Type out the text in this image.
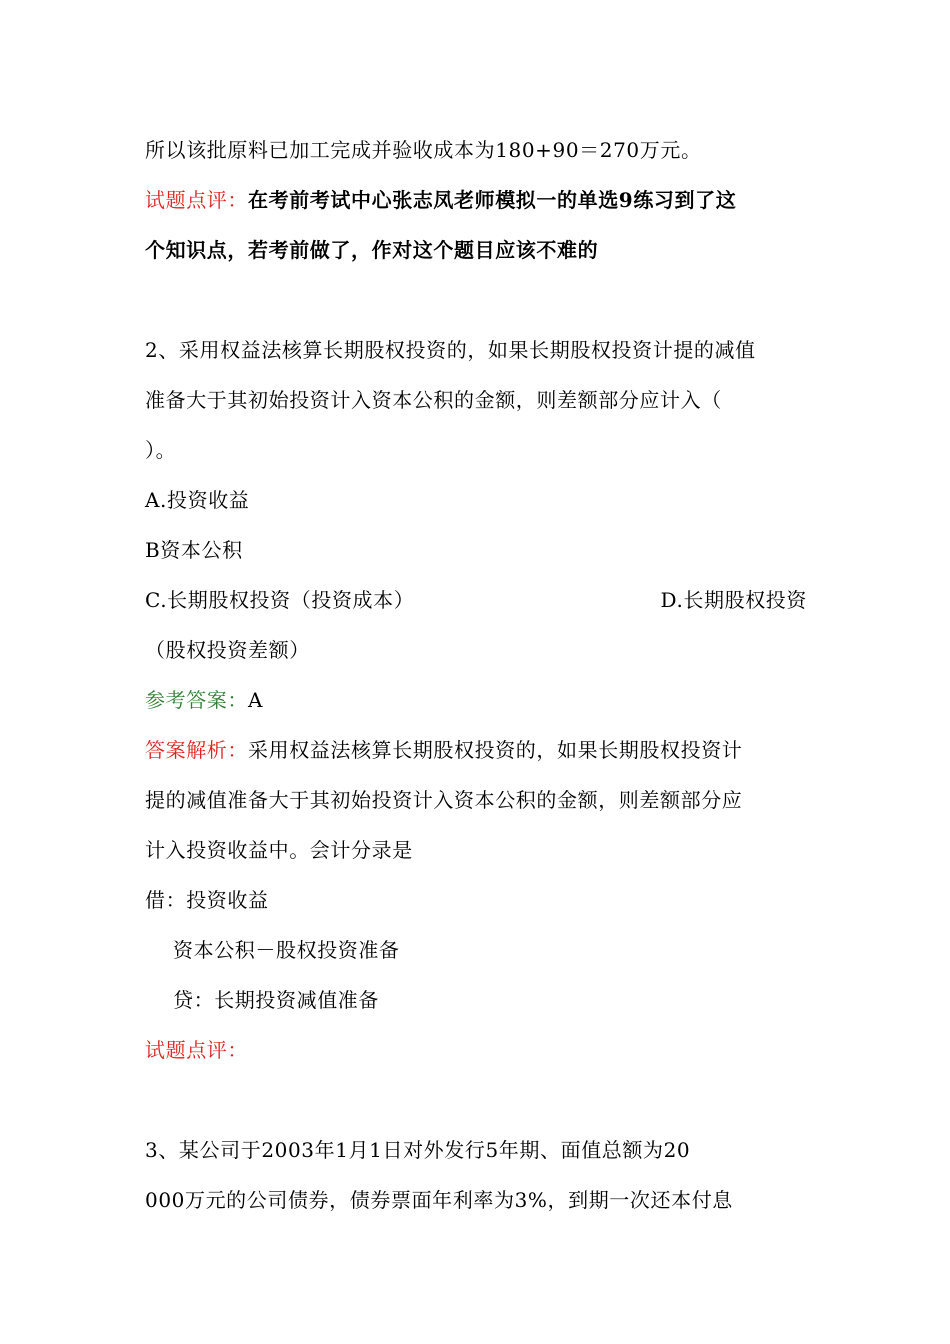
所以该批原料已加工完成并验收成本为180+90＝270万元。
试题点评：在考前考试中心张志凤老师模拟一的单选9练习到了这
个知识点，若考前做了，作对这个题目应该不难的
2、采用权益法核算长期股权投资的，如果长期股权投资计提的减值
准备大于其初始投资计入资本公积的金额，则差额部分应计入（
）。
A.投资收益
B资本公积
C.长期股权投资（投资成本）	D.长期股权投资
（股权投资差额）
参考答案：A
答案解析：采用权益法核算长期股权投资的，如果长期股权投资计
提的减值准备大于其初始投资计入资本公积的金额，则差额部分应
计入投资收益中。会计分录是
借：投资收益
资本公积－股权投资准备
贷：长期投资减值准备
试题点评：
3、某公司于2003年1月1日对外发行5年期、面值总额为20
000万元的公司债券，债券票面年利率为3%，到期一次还本付息
